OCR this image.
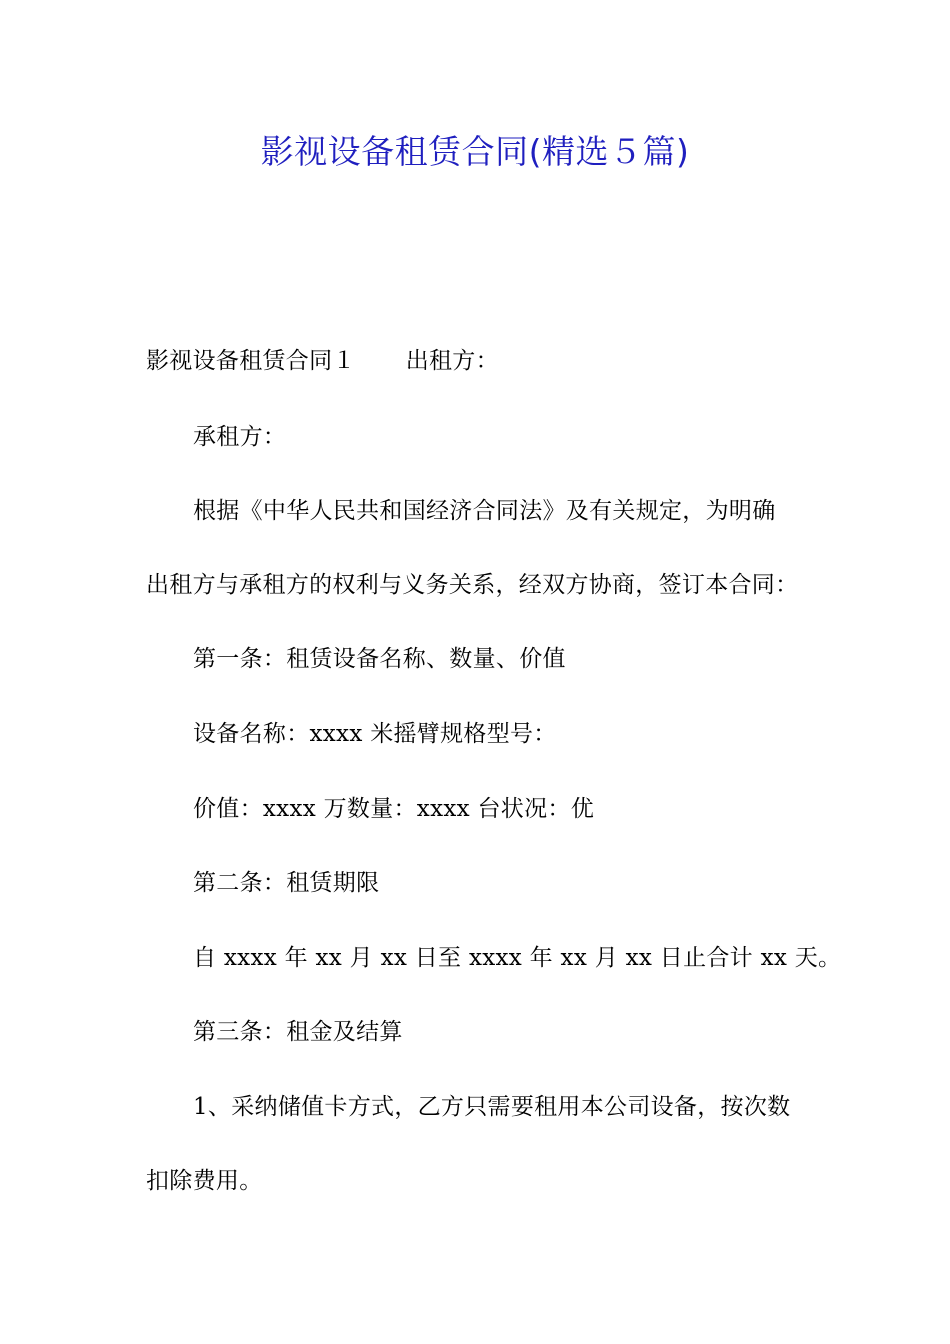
影视设备租赁合同(精选５篇)
影视设备租赁合同１ 出租方：
承租方：
根据《中华人民共和国经济合同法》及有关规定，为明确
出租方与承租方的权利与义务关系，经双方协商，签订本合同：
第一条：租赁设备名称、数量、价值
设备名称：xxxx 米摇臂规格型号：
价值：xxxx 万数量：xxxx 台状况：优
第二条：租赁期限
自 xxxx 年 xx 月 xx 日至 xxxx 年 xx 月 xx 日止合计 xx 天。
第三条：租金及结算
1、采纳储值卡方式，乙方只需要租用本公司设备，按次数
扣除费用。
